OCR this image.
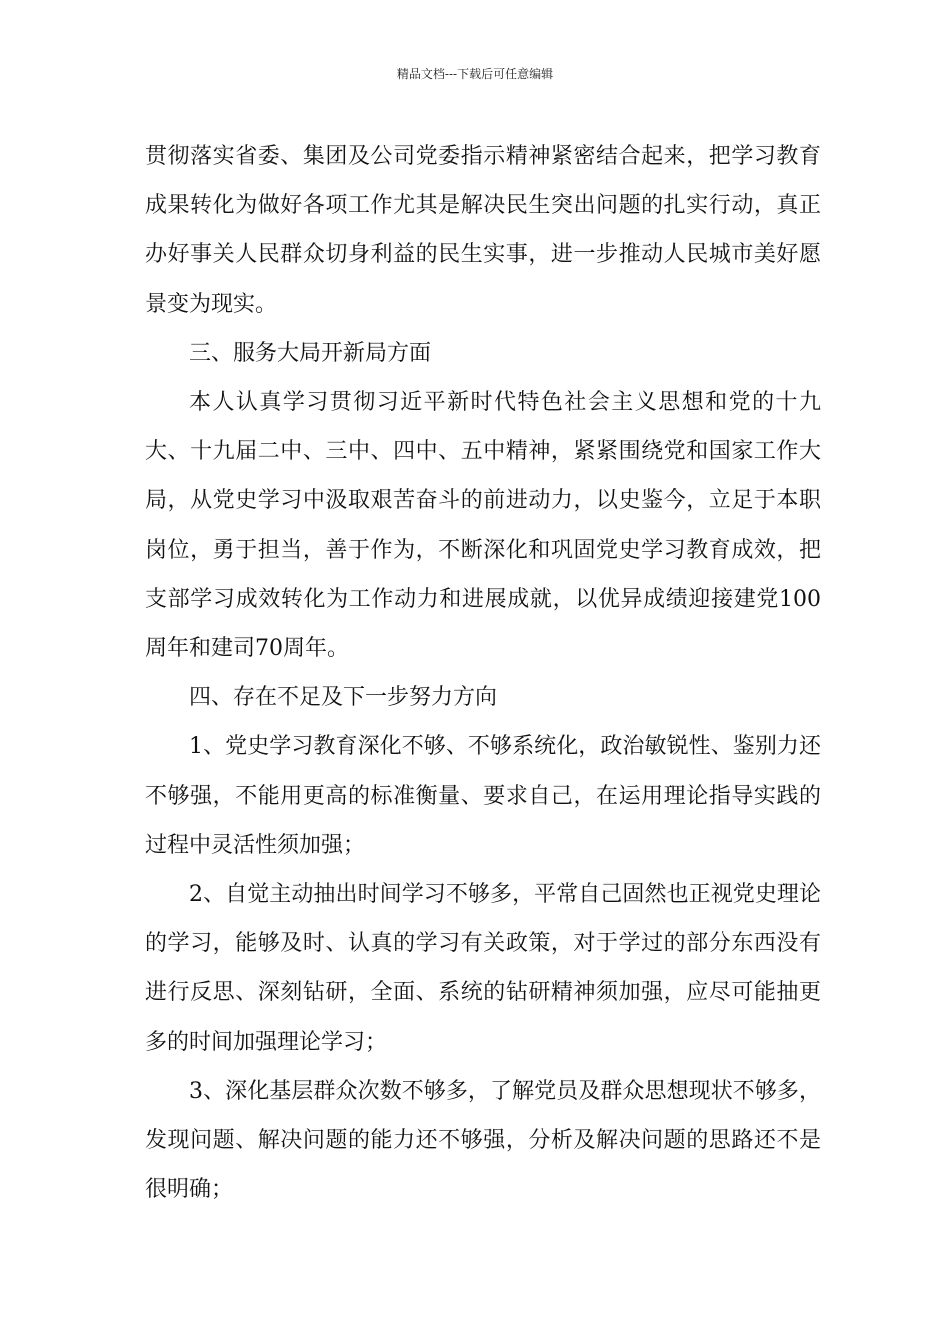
精品文档---下载后可任意编辑

贯彻落实省委、集团及公司党委指示精神紧密结合起来，把学习教育成果转化为做好各项工作尤其是解决民生突出问题的扎实行动，真正办好事关人民群众切身利益的民生实事，进一步推动人民城市美好愿景变为现实。

三、服务大局开新局方面

本人认真学习贯彻习近平新时代特色社会主义思想和党的十九大、十九届二中、三中、四中、五中精神，紧紧围绕党和国家工作大局，从党史学习中汲取艰苦奋斗的前进动力，以史鉴今，立足于本职岗位，勇于担当，善于作为，不断深化和巩固党史学习教育成效，把支部学习成效转化为工作动力和进展成就，以优异成绩迎接建党100周年和建司70周年。

四、存在不足及下一步努力方向

1、党史学习教育深化不够、不够系统化，政治敏锐性、鉴别力还不够强，不能用更高的标准衡量、要求自己，在运用理论指导实践的过程中灵活性须加强；

2、自觉主动抽出时间学习不够多，平常自己固然也正视党史理论的学习，能够及时、认真的学习有关政策，对于学过的部分东西没有进行反思、深刻钻研，全面、系统的钻研精神须加强，应尽可能抽更多的时间加强理论学习；

3、深化基层群众次数不够多，了解党员及群众思想现状不够多，发现问题、解决问题的能力还不够强，分析及解决问题的思路还不是很明确；
